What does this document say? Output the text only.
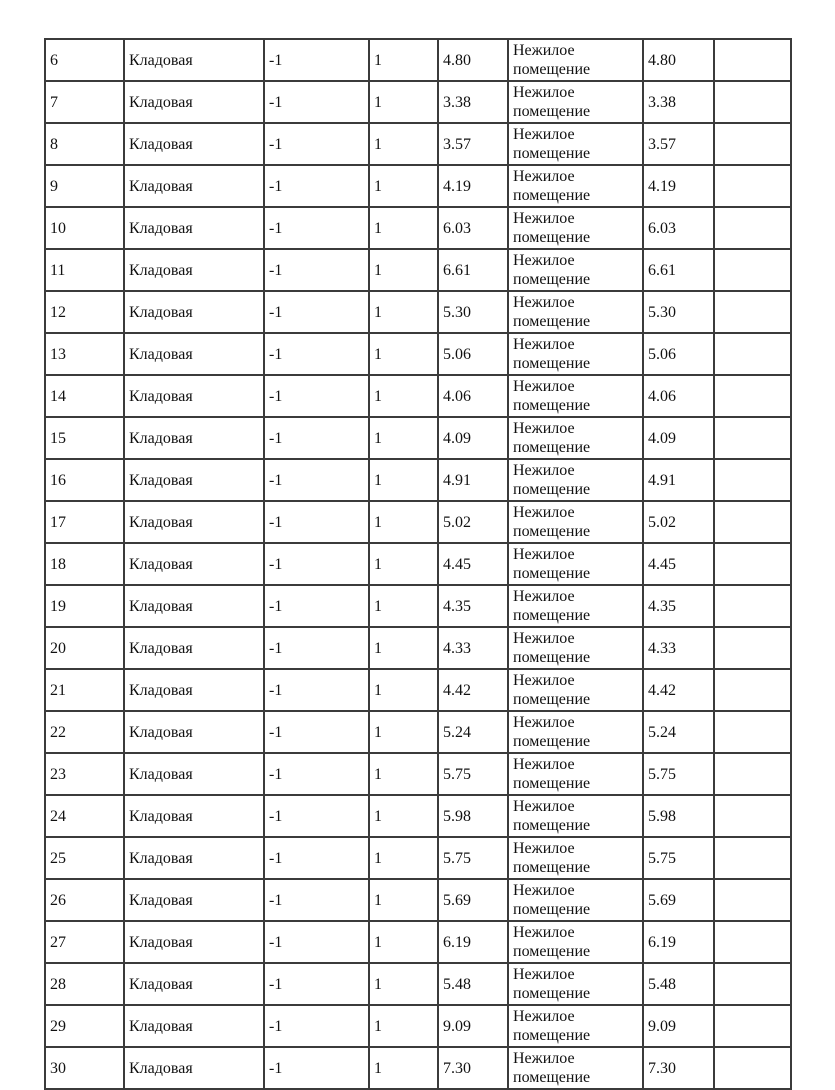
6	Кладовая	-1	1	4.80	Нежилое помещение	4.80	
7	Кладовая	-1	1	3.38	Нежилое помещение	3.38	
8	Кладовая	-1	1	3.57	Нежилое помещение	3.57	
9	Кладовая	-1	1	4.19	Нежилое помещение	4.19	
10	Кладовая	-1	1	6.03	Нежилое помещение	6.03	
11	Кладовая	-1	1	6.61	Нежилое помещение	6.61	
12	Кладовая	-1	1	5.30	Нежилое помещение	5.30	
13	Кладовая	-1	1	5.06	Нежилое помещение	5.06	
14	Кладовая	-1	1	4.06	Нежилое помещение	4.06	
15	Кладовая	-1	1	4.09	Нежилое помещение	4.09	
16	Кладовая	-1	1	4.91	Нежилое помещение	4.91	
17	Кладовая	-1	1	5.02	Нежилое помещение	5.02	
18	Кладовая	-1	1	4.45	Нежилое помещение	4.45	
19	Кладовая	-1	1	4.35	Нежилое помещение	4.35	
20	Кладовая	-1	1	4.33	Нежилое помещение	4.33	
21	Кладовая	-1	1	4.42	Нежилое помещение	4.42	
22	Кладовая	-1	1	5.24	Нежилое помещение	5.24	
23	Кладовая	-1	1	5.75	Нежилое помещение	5.75	
24	Кладовая	-1	1	5.98	Нежилое помещение	5.98	
25	Кладовая	-1	1	5.75	Нежилое помещение	5.75	
26	Кладовая	-1	1	5.69	Нежилое помещение	5.69	
27	Кладовая	-1	1	6.19	Нежилое помещение	6.19	
28	Кладовая	-1	1	5.48	Нежилое помещение	5.48	
29	Кладовая	-1	1	9.09	Нежилое помещение	9.09	
30	Кладовая	-1	1	7.30	Нежилое помещение	7.30	
